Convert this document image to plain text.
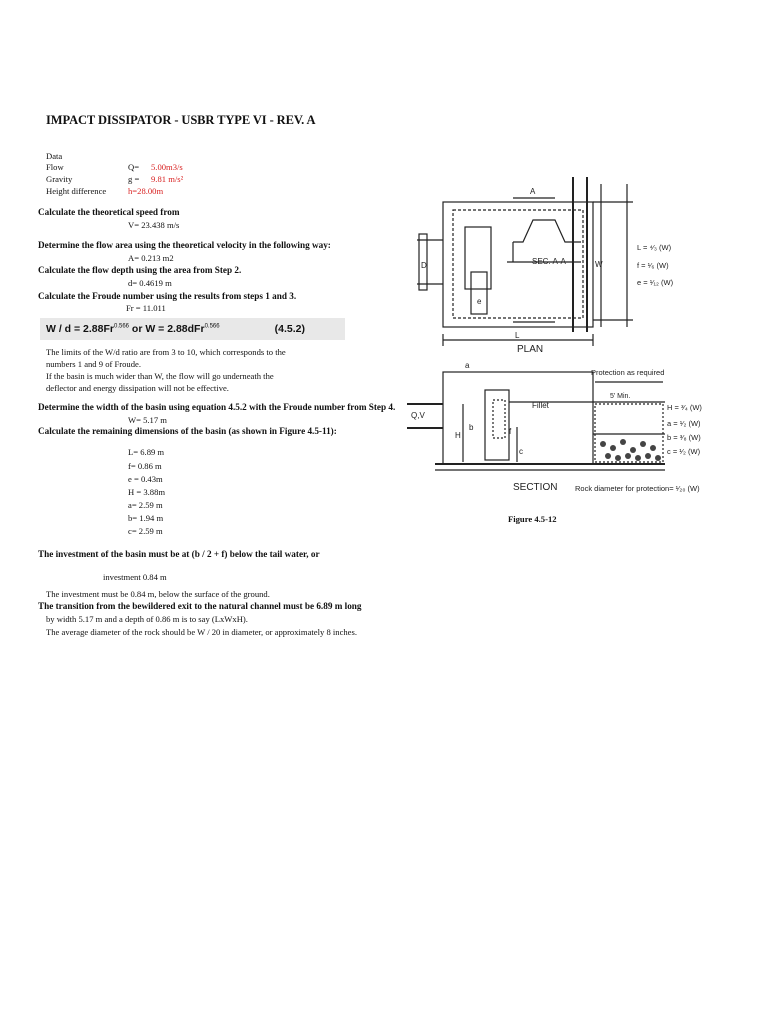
IMPACT DISSIPATOR - USBR TYPE VI - REV. A
Data
Flow	Q= 5.00m3/s
Gravity	g = 9.81 m/s²
Height difference	h=28.00m
Calculate the theoretical speed from
V= 23.438 m/s
Determine the flow area using the theoretical velocity in the following way:
A= 0.213 m2
Calculate the flow depth using the area from Step 2.
d= 0.4619 m
Calculate the Froude number using the results from steps 1 and 3.
Fr = 11.011
$W / d = 2.88Fr^{0.566}$ or W = 2.88dFr$^{0.566}$	(4.5.2)
The limits of the W/d ratio are from 3 to 10, which corresponds to the
numbers 1 and 9 of Froude.
If the basin is much wider than W, the flow will go underneath the
deflector and energy dissipation will not be effective.
Determine the width of the basin using equation 4.5.2 with the Froude number from Step 4.
W= 5.17 m
Calculate the remaining dimensions of the basin (as shown in Figure 4.5-11):
L= 6.89 m
f= 0.86 m
e = 0.43m
H = 3.88m
a= 2.59 m
b= 1.94 m
c= 2.59 m
The investment of the basin must be at (b / 2 + f) below the tail water, or
investment 0.84 m
The investment must be 0.84 m, below the surface of the ground.
The transition from the bewildered exit to the natural channel must be 6.89 m long
by width 5.17 m and a depth of 0.86 m is to say (LxWxH).
The average diameter of the rock should be W / 20 in diameter, or approximately 8 inches.
SEC. A-A
PLAN
SECTION Rock diameter for protection= ¹⁄₂₀ (W)
Protection as required
5' Min.
Fillet
Q,V
L = ⁴⁄₃ (W)
f = ¹⁄₆ (W)
e = ¹⁄₁₂ (W)
H = ³⁄₄ (W)
a = ¹⁄₂ (W)
b = ³⁄₈ (W)
c = ¹⁄₂ (W)
A
W
L
D
e
H
b	f
c
a
Figure 4.5-12
